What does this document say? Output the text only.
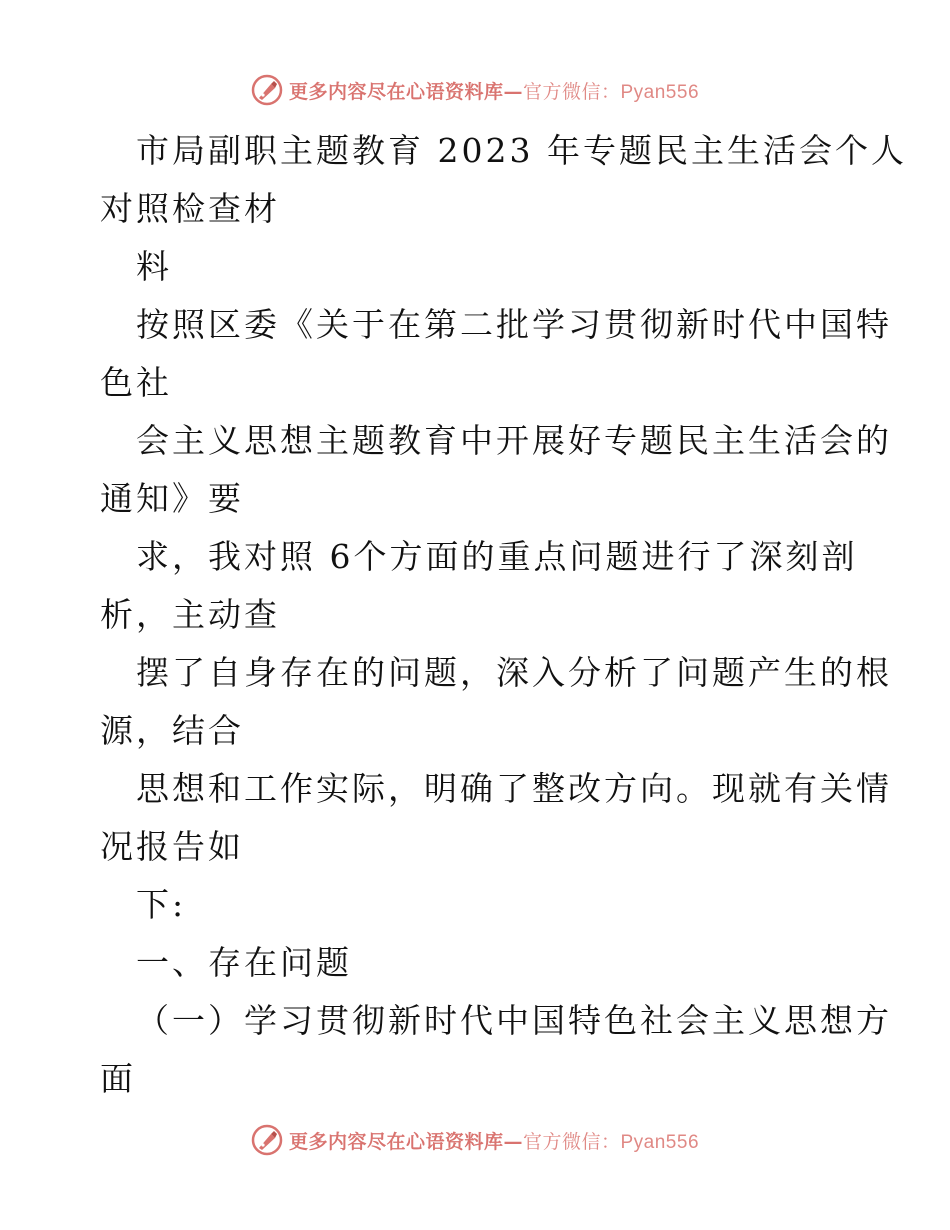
更多内容尽在心语资料库—官方微信：Pyan556
市局副职主题教育 2023 年专题民主生活会个人
对照检查材
料
按照区委《关于在第二批学习贯彻新时代中国特
色社
会主义思想主题教育中开展好专题民主生活会的
通知》要
求，我对照 6个方面的重点问题进行了深刻剖
析，主动查
摆了自身存在的问题，深入分析了问题产生的根
源，结合
思想和工作实际，明确了整改方向。现就有关情
况报告如
下:
一、存在问题
（一）学习贯彻新时代中国特色社会主义思想方
面
更多内容尽在心语资料库—官方微信：Pyan556
